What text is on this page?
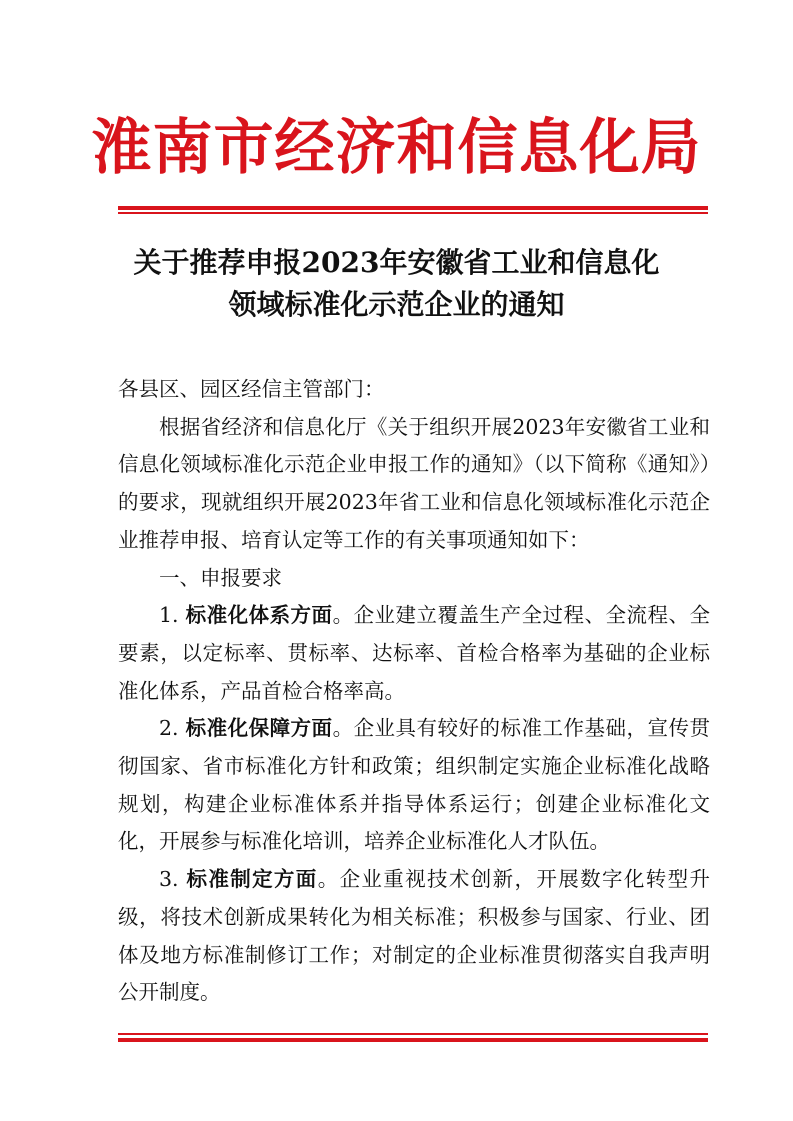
淮南市经济和信息化局
关于推荐申报2023年安徽省工业和信息化
领域标准化示范企业的通知

各县区、园区经信主管部门：

根据省经济和信息化厅《关于组织开展2023年安徽省工业和信息化领域标准化示范企业申报工作的通知》（以下简称《通知》）的要求，现就组织开展2023年省工业和信息化领域标准化示范企业推荐申报、培育认定等工作的有关事项通知如下：

一、申报要求

1. 标准化体系方面。企业建立覆盖生产全过程、全流程、全要素，以定标率、贯标率、达标率、首检合格率为基础的企业标准化体系，产品首检合格率高。

2. 标准化保障方面。企业具有较好的标准工作基础，宣传贯彻国家、省市标准化方针和政策；组织制定实施企业标准化战略规划，构建企业标准体系并指导体系运行；创建企业标准化文化，开展参与标准化培训，培养企业标准化人才队伍。

3. 标准制定方面。企业重视技术创新，开展数字化转型升级，将技术创新成果转化为相关标准；积极参与国家、行业、团体及地方标准制修订工作；对制定的企业标准贯彻落实自我声明公开制度。
